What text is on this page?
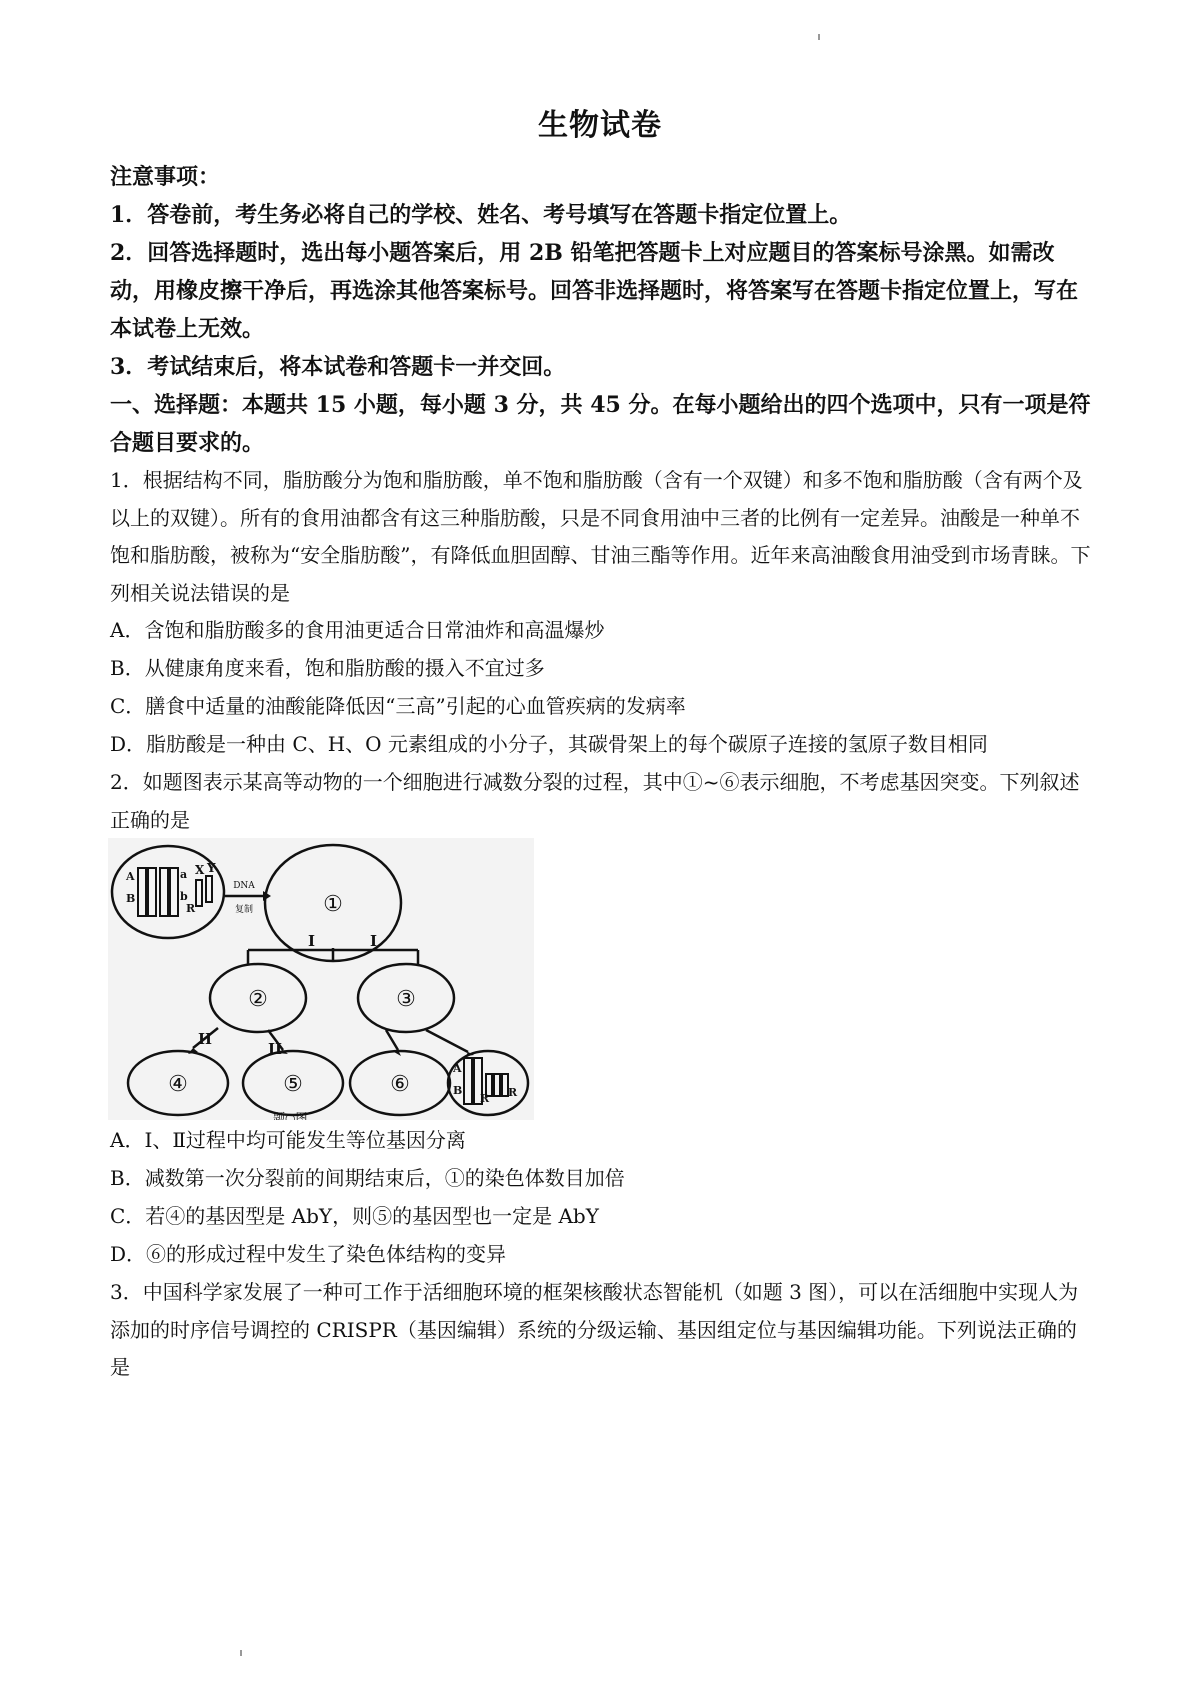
生物试卷
注意事项：
1．答卷前，考生务必将自己的学校、姓名、考号填写在答题卡指定位置上。
2．回答选择题时，选出每小题答案后，用 2B 铅笔把答题卡上对应题目的答案标号涂黑。如需改动，用橡皮擦干净后，再选涂其他答案标号。回答非选择题时，将答案写在答题卡指定位置上，写在本试卷上无效。
3．考试结束后，将本试卷和答题卡一并交回。
一、选择题：本题共 15 小题，每小题 3 分，共 45 分。在每小题给出的四个选项中，只有一项是符合题目要求的。
1．根据结构不同，脂肪酸分为饱和脂肪酸，单不饱和脂肪酸（含有一个双键）和多不饱和脂肪酸（含有两个及以上的双键）。所有的食用油都含有这三种脂肪酸，只是不同食用油中三者的比例有一定差异。油酸是一种单不饱和脂肪酸，被称为“安全脂肪酸”，有降低血胆固醇、甘油三酯等作用。近年来高油酸食用油受到市场青睐。下列相关说法错误的是
A．含饱和脂肪酸多的食用油更适合日常油炸和高温爆炒
B．从健康角度来看，饱和脂肪酸的摄入不宜过多
C．膳食中适量的油酸能降低因“三高”引起的心血管疾病的发病率
D．脂肪酸是一种由 C、H、O 元素组成的小分子，其碳骨架上的每个碳原子连接的氢原子数目相同
2．如题图表示某高等动物的一个细胞进行减数分裂的过程，其中①~⑥表示细胞，不考虑基因突变。下列叙述正确的是
A
B
a
b
X Y
R
A
B
R R
DNA
复制	①
②	③
④	⑤	⑥
I	I
II
II
题○图
A．I、Ⅱ过程中均可能发生等位基因分离
B．减数第一次分裂前的间期结束后，①的染色体数目加倍
C．若④的基因型是 AbY，则⑤的基因型也一定是 AbY
D．⑥的形成过程中发生了染色体结构的变异
3．中国科学家发展了一种可工作于活细胞环境的框架核酸状态智能机（如题 3 图），可以在活细胞中实现人为添加的时序信号调控的 CRISPR（基因编辑）系统的分级运输、基因组定位与基因编辑功能。下列说法正确的是
